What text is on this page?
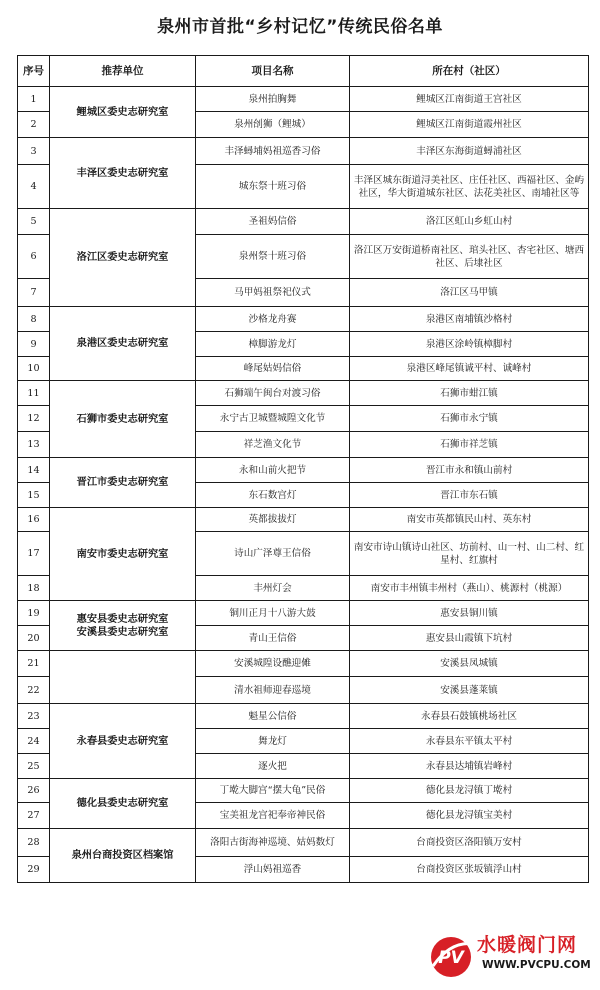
泉州市首批“乡村记忆”传统民俗名单
序号	推荐单位	项目名称	所在村（社区）
1	鲤城区委史志研究室	泉州拍胸舞	鲤城区江南街道王宫社区
2		泉州刣狮（鲤城）	鲤城区江南街道霞州社区
3	丰泽区委史志研究室	丰泽蟳埔妈祖巡香习俗	丰泽区东海街道蟳浦社区
4		城东祭十班习俗	丰泽区城东街道浔美社区、庄任社区、西福社区、金屿社区，华大街道城东社区、法花美社区、南埔社区等
5	洛江区委史志研究室	圣祖妈信俗	洛江区虹山乡虹山村
6		泉州祭十班习俗	洛江区万安街道桥南社区、琯头社区、杏宅社区、塘西社区、后埭社区
7		马甲妈祖祭祀仪式	洛江区马甲镇
8	泉港区委史志研究室	沙格龙舟赛	泉港区南埔镇沙格村
9		樟脚游龙灯	泉港区涂岭镇樟脚村
10		峰尾姑妈信俗	泉港区峰尾镇诚平村、诚峰村
11	石狮市委史志研究室	石狮端午闽台对渡习俗	石狮市蚶江镇
12		永宁古卫城暨城隍文化节	石狮市永宁镇
13		祥芝渔文化节	石狮市祥芝镇
14	晋江市委史志研究室	永和山前火把节	晋江市永和镇山前村
15		东石数宫灯	晋江市东石镇
16	南安市委史志研究室	英都拔拔灯	南安市英都镇民山村、英东村
17		诗山广泽尊王信俗	南安市诗山镇诗山社区、坊前村、山一村、山二村、红星村、红旗村
18		丰州灯会	南安市丰州镇丰州村（燕山）、桃源村（桃源）
19	惠安县委史志研究室
安溪县委史志研究室	铜川正月十八游大鼓	惠安县铜川镇
20		青山王信俗	惠安县山霞镇下坑村
21		安溪城隍设醮迎傩	安溪县凤城镇
22		清水祖师迎春巡境	安溪县蓬莱镇
23	永春县委史志研究室	魁星公信俗	永春县石鼓镇桃场社区
24		舞龙灯	永春县东平镇太平村
25		逐火把	永春县达埔镇岩峰村
26	德化县委史志研究室	丁墘大脚宫“摆大龟”民俗	德化县龙浔镇丁墘村
27		宝美祖龙宫祀奉帝神民俗	德化县龙浔镇宝美村
28	泉州台商投资区档案馆	洛阳古街海神巡境、姑妈数灯	台商投资区洛阳镇万安村
29		浮山妈祖巡香	台商投资区张坂镇浮山村
PV
水暖阀门网
WWW.PVCPU.COM
